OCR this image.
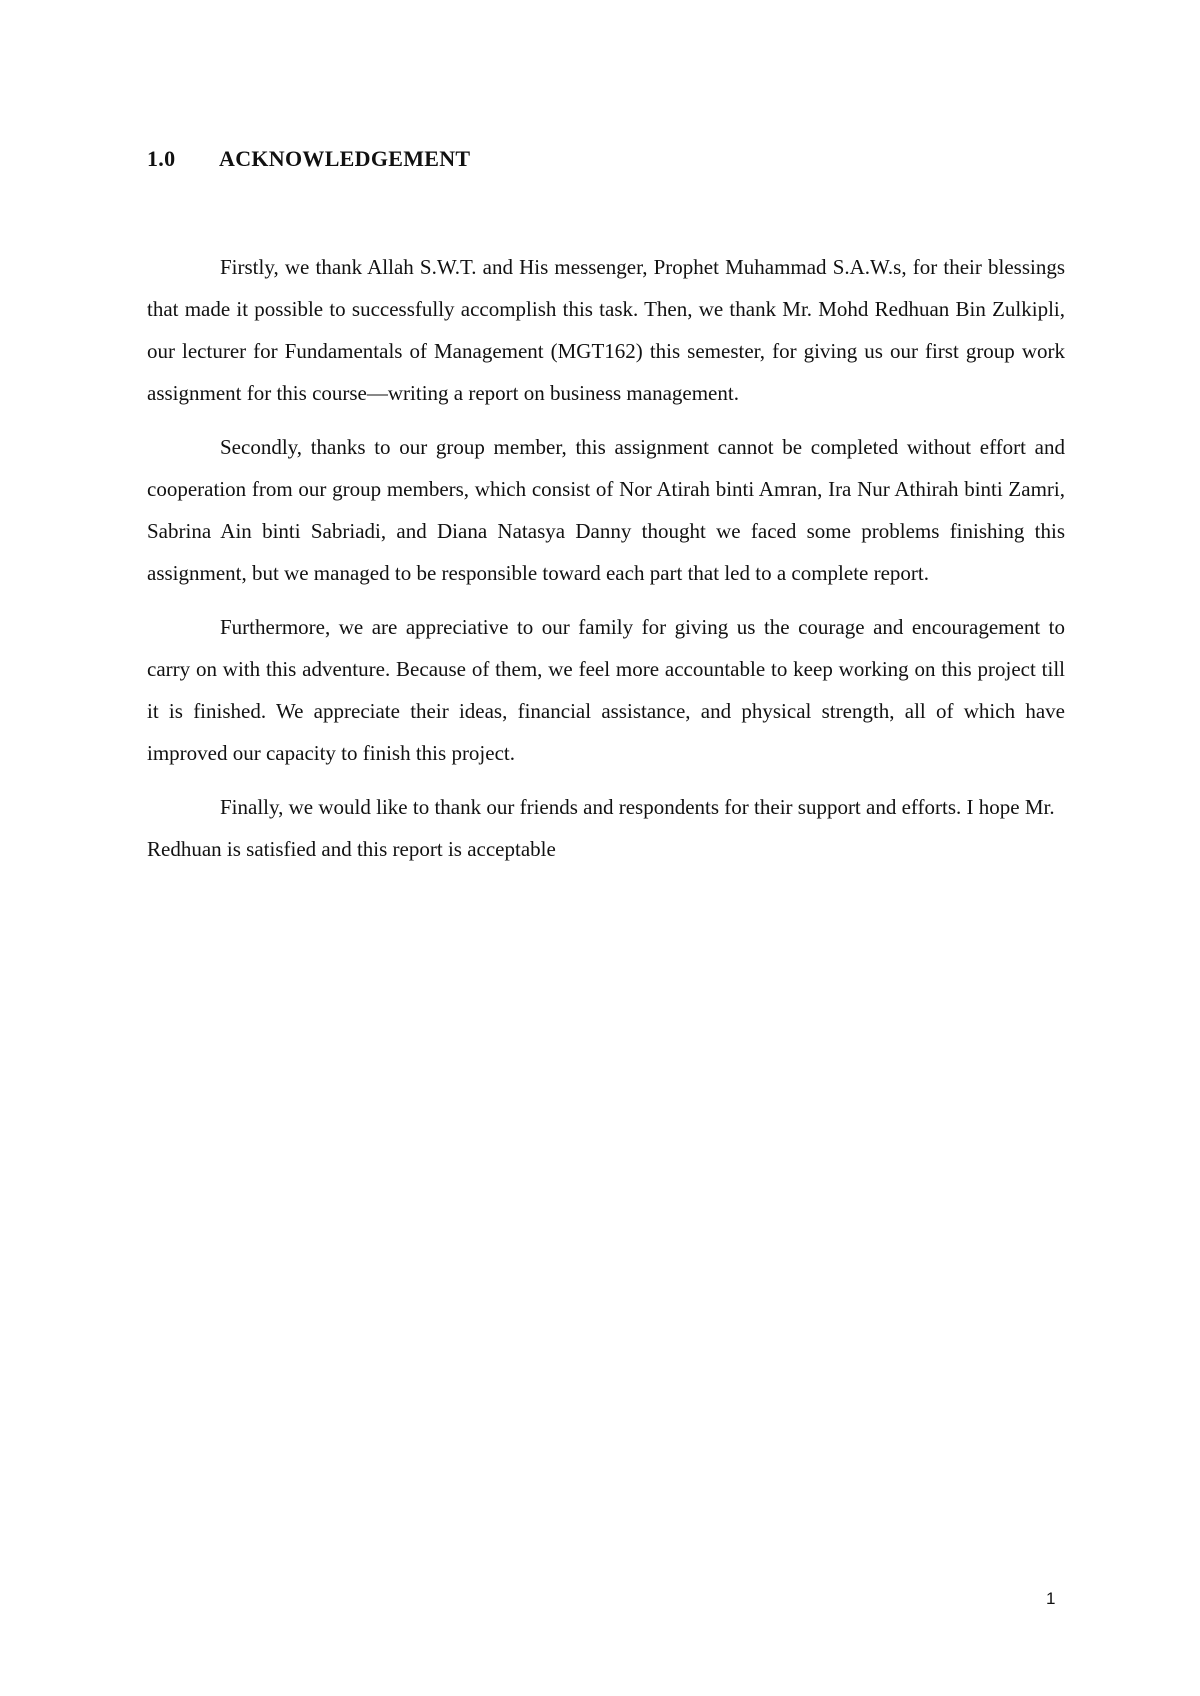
1.0 ACKNOWLEDGEMENT

Firstly, we thank Allah S.W.T. and His messenger, Prophet Muhammad S.A.W.s, for their blessings that made it possible to successfully accomplish this task. Then, we thank Mr. Mohd Redhuan Bin Zulkipli, our lecturer for Fundamentals of Management (MGT162) this semester, for giving us our first group work assignment for this course—writing a report on business management.

Secondly, thanks to our group member, this assignment cannot be completed without effort and cooperation from our group members, which consist of Nor Atirah binti Amran, Ira Nur Athirah binti Zamri, Sabrina Ain binti Sabriadi, and Diana Natasya Danny thought we faced some problems finishing this assignment, but we managed to be responsible toward each part that led to a complete report.

Furthermore, we are appreciative to our family for giving us the courage and encouragement to carry on with this adventure. Because of them, we feel more accountable to keep working on this project till it is finished. We appreciate their ideas, financial assistance, and physical strength, all of which have improved our capacity to finish this project.

Finally, we would like to thank our friends and respondents for their support and efforts. I hope Mr. Redhuan is satisfied and this report is acceptable

1
